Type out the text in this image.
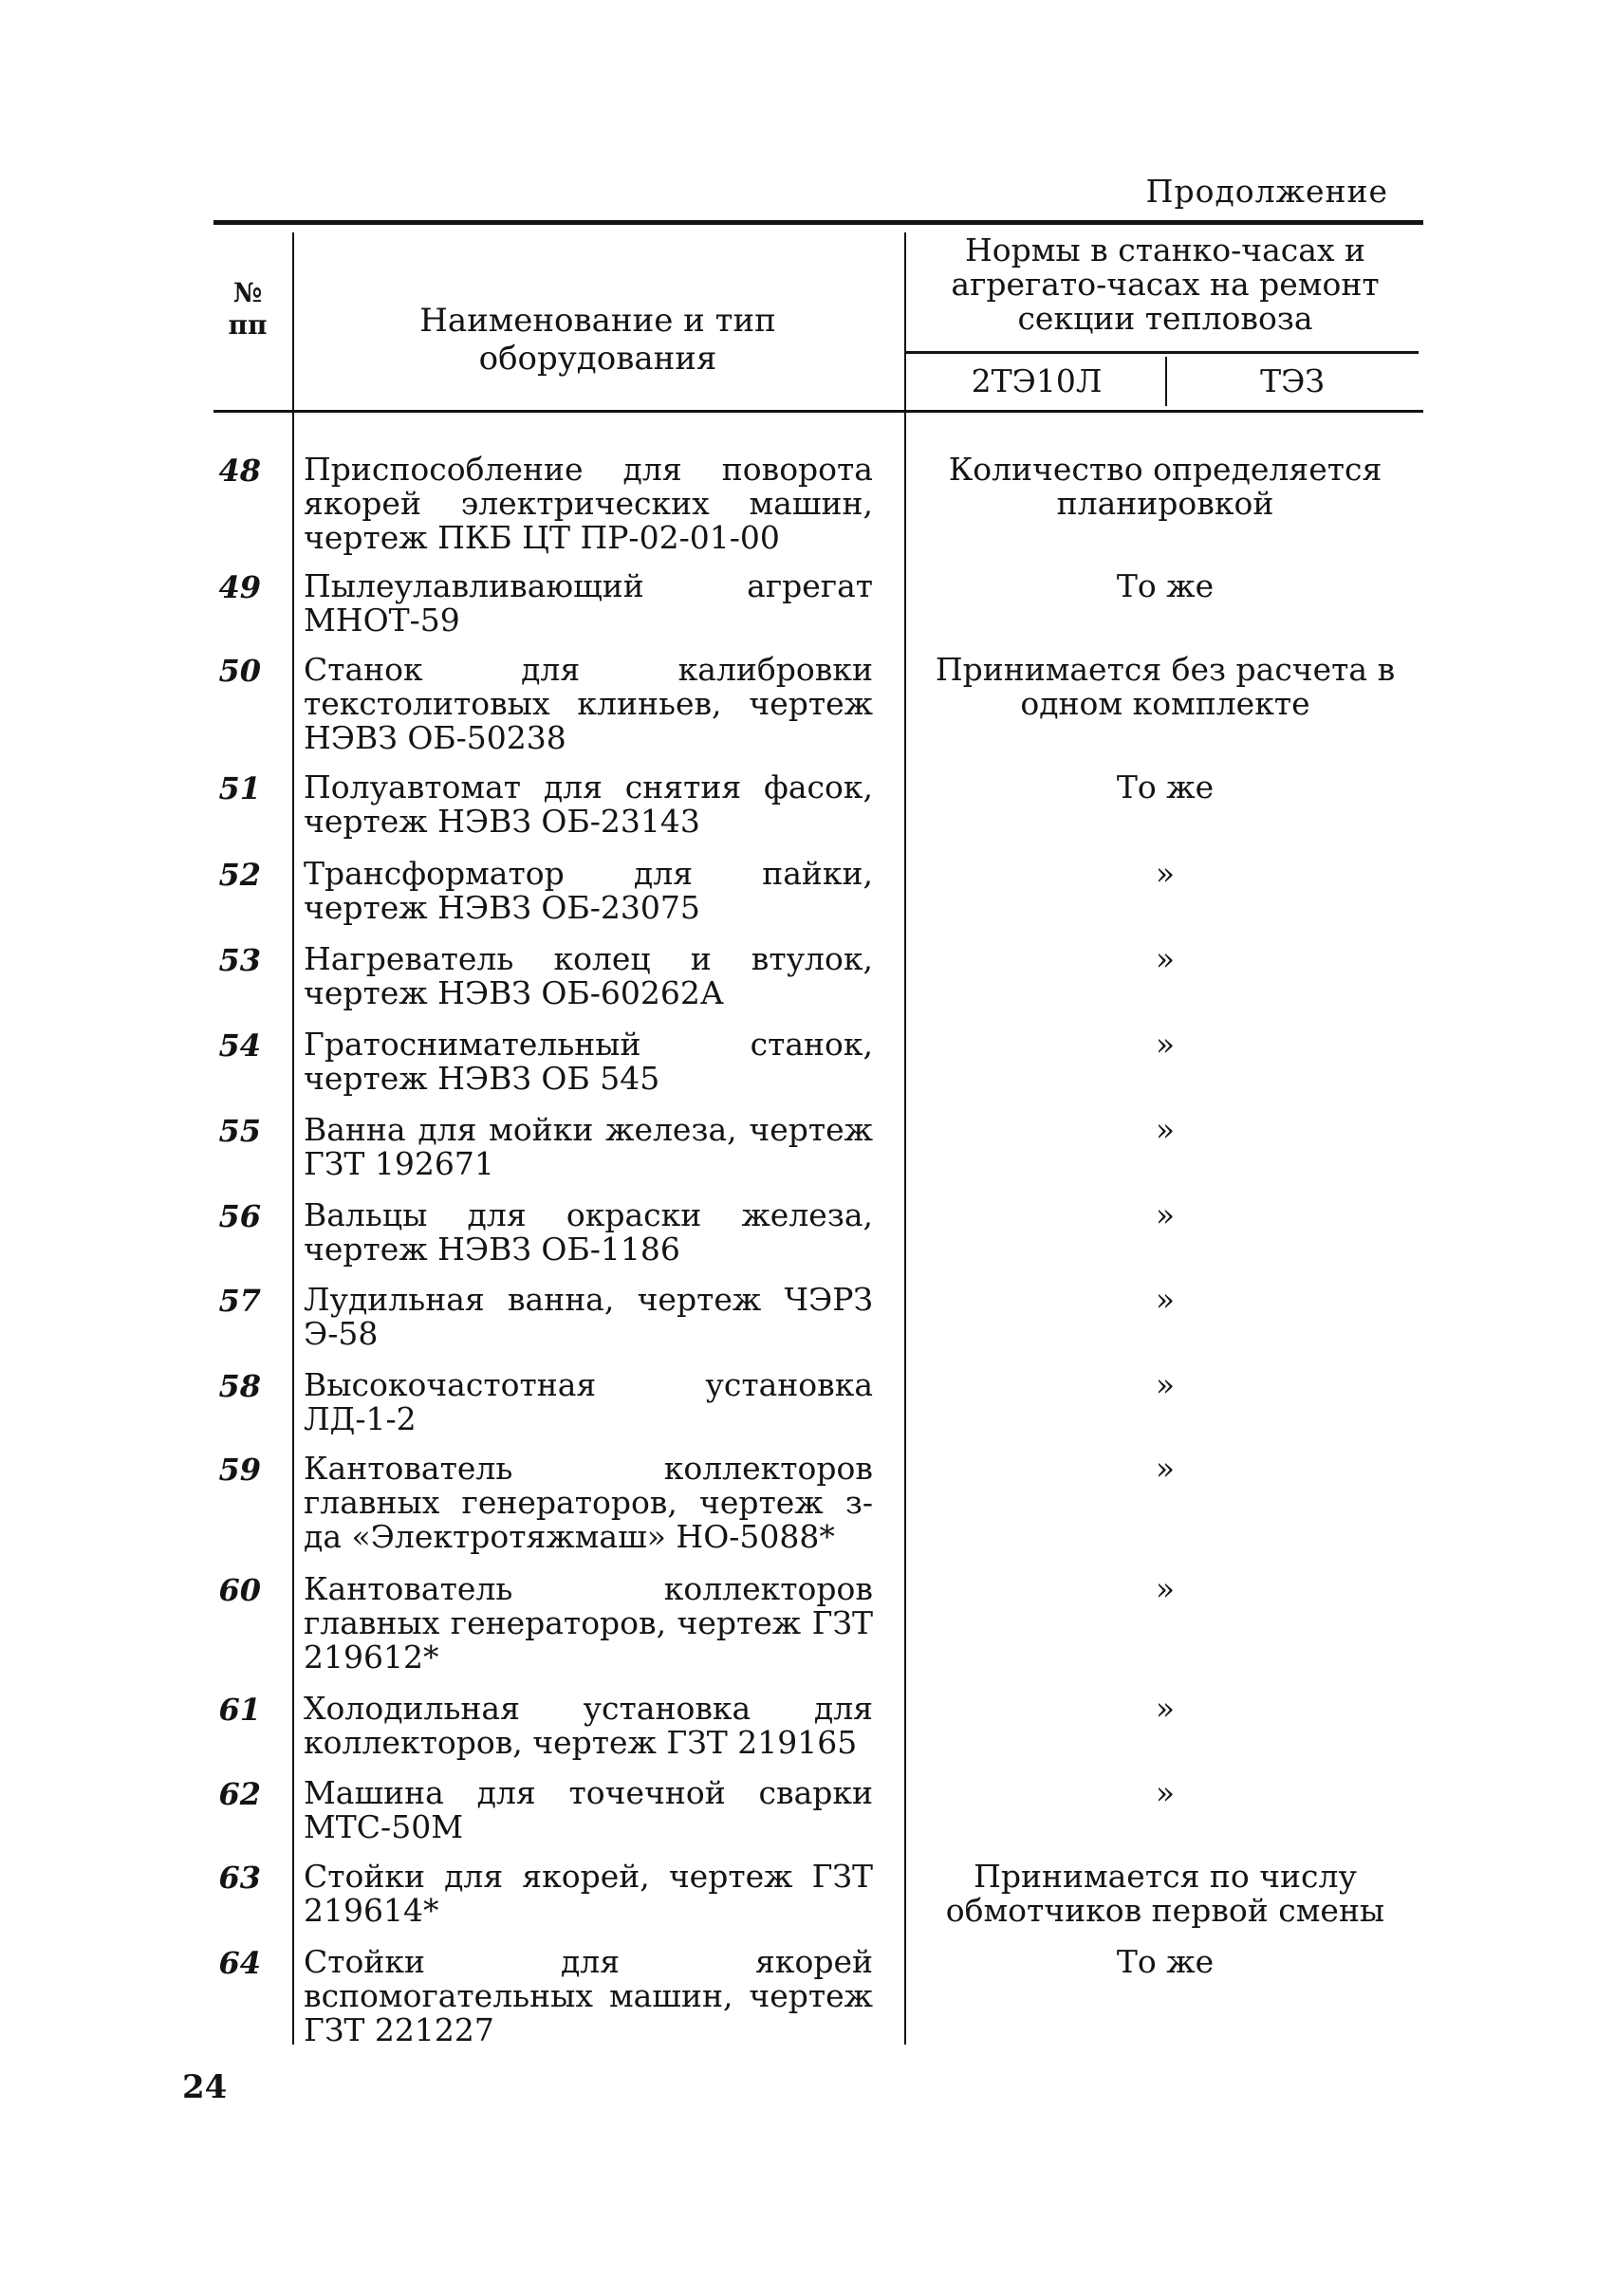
Продолжение
№ пп	Наименование и тип оборудования
Нормы в станко-часах и агрегато-часах на ремонт секции тепловоза
2ТЭ10Л	ТЭЗ
48 Приспособление для поворота якорей электрических машин, чертеж ПКБ ЦТ ПР-02-01-00
Количество определяется планировкой
49 Пылеулавливающий агрегат МНОТ-59
То же
50 Станок для калибровки текстолитовых клиньев, чертеж НЭВЗ ОБ-50238
Принимается без расчета в одном комплекте
51 Полуавтомат для снятия фасок, чертеж НЭВЗ ОБ-23143
То же
52 Трансформатор для пайки, чертеж НЭВЗ ОБ-23075
»
53 Нагреватель колец и втулок, чертеж НЭВЗ ОБ-60262А
»
54 Гратоснимательный станок, чертеж НЭВЗ ОБ 545
»
55 Ванна для мойки железа, чертеж ГЗТ 192671
»
56 Вальцы для окраски железа, чертеж НЭВЗ ОБ-1186
»
57 Лудильная ванна, чертеж ЧЭРЗ Э-58
»
58 Высокочастотная установка ЛД-1-2
»
59 Кантователь коллекторов главных генераторов, чертеж з-да «Электротяжмаш» НО-5088*
»
60 Кантователь коллекторов главных генераторов, чертеж ГЗТ 219612*
»
61 Холодильная установка для коллекторов, чертеж ГЗТ 219165
»
62 Машина для точечной сварки МТС-50М
»
63 Стойки для якорей, чертеж ГЗТ 219614*
Принимается по числу обмотчиков первой смены
64 Стойки для якорей вспомогательных машин, чертеж ГЗТ 221227
То же
24
